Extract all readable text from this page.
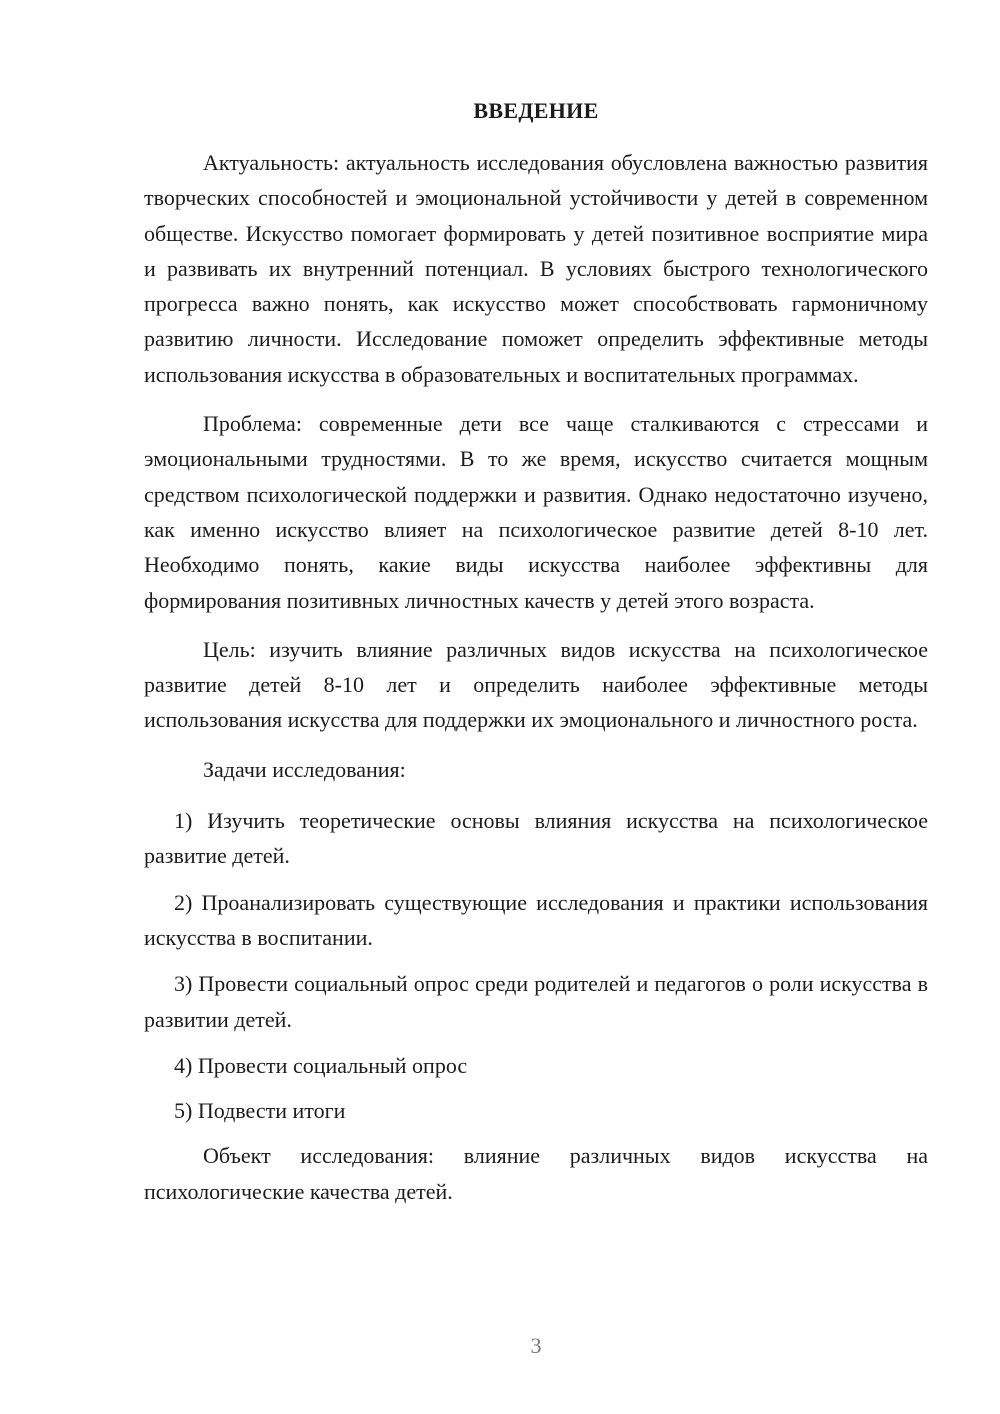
ВВЕДЕНИЕ

Актуальность: актуальность исследования обусловлена важностью развития творческих способностей и эмоциональной устойчивости у детей в современном обществе. Искусство помогает формировать у детей позитивное восприятие мира и развивать их внутренний потенциал. В условиях быстрого технологического прогресса важно понять, как искусство может способствовать гармоничному развитию личности. Исследование поможет определить эффективные методы использования искусства в образовательных и воспитательных программах.

Проблема: современные дети все чаще сталкиваются с стрессами и эмоциональными трудностями. В то же время, искусство считается мощным средством психологической поддержки и развития. Однако недостаточно изучено, как именно искусство влияет на психологическое развитие детей 8-10 лет. Необходимо понять, какие виды искусства наиболее эффективны для формирования позитивных личностных качеств у детей этого возраста.

Цель: изучить влияние различных видов искусства на психологическое развитие детей 8-10 лет и определить наиболее эффективные методы использования искусства для поддержки их эмоционального и личностного роста.

Задачи исследования:

1) Изучить теоретические основы влияния искусства на психологическое развитие детей.

2) Проанализировать существующие исследования и практики использования искусства в воспитании.

3) Провести социальный опрос среди родителей и педагогов о роли искусства в развитии детей.

4) Провести социальный опрос

5) Подвести итоги

Объект исследования: влияние различных видов искусства на психологические качества детей.

3
